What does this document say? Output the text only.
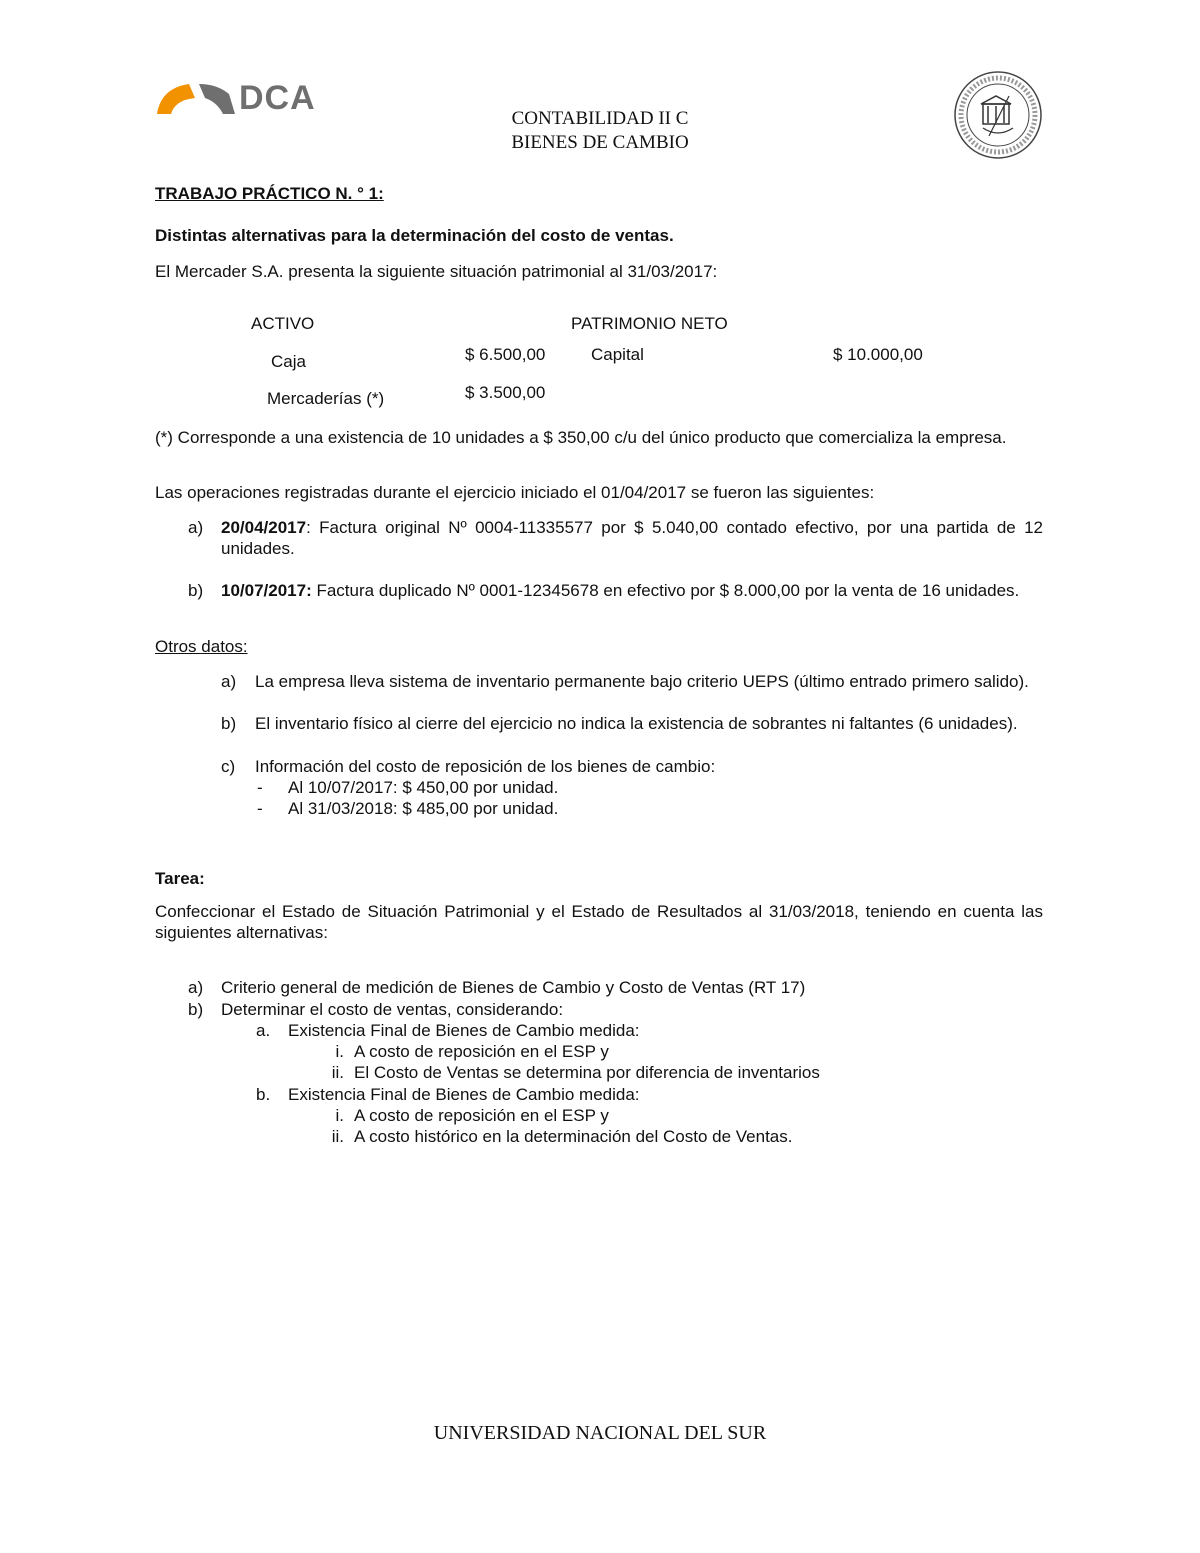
DCA
CONTABILIDAD II C
BIENES DE CAMBIO
TRABAJO PRÁCTICO N. ° 1:
Distintas alternativas para la determinación del costo de ventas.
El Mercader S.A. presenta la siguiente situación patrimonial al 31/03/2017:
ACTIVO	PATRIMONIO NETO
Caja	$ 6.500,00	Capital	$ 10.000,00
Mercaderías (*)	$ 3.500,00
(*) Corresponde a una existencia de 10 unidades a $ 350,00 c/u del único producto que comercializa la empresa.
Las operaciones registradas durante el ejercicio iniciado el 01/04/2017 se fueron las siguientes:
a) 20/04/2017: Factura original Nº 0004-11335577 por $ 5.040,00 contado efectivo, por una partida de 12 unidades.
b) 10/07/2017: Factura duplicado Nº 0001-12345678 en efectivo por $ 8.000,00 por la venta de 16 unidades.
Otros datos:
a) La empresa lleva sistema de inventario permanente bajo criterio UEPS (último entrado primero salido).
b) El inventario físico al cierre del ejercicio no indica la existencia de sobrantes ni faltantes (6 unidades).
c) Información del costo de reposición de los bienes de cambio:
- Al 10/07/2017: $ 450,00 por unidad.
- Al 31/03/2018: $ 485,00 por unidad.
Tarea:
Confeccionar el Estado de Situación Patrimonial y el Estado de Resultados al 31/03/2018, teniendo en cuenta las siguientes alternativas:
a) Criterio general de medición de Bienes de Cambio y Costo de Ventas (RT 17)
b) Determinar el costo de ventas, considerando:
a. Existencia Final de Bienes de Cambio medida:
i. A costo de reposición en el ESP y
ii. El Costo de Ventas se determina por diferencia de inventarios
b. Existencia Final de Bienes de Cambio medida:
i. A costo de reposición en el ESP y
ii. A costo histórico en la determinación del Costo de Ventas.
UNIVERSIDAD NACIONAL DEL SUR
